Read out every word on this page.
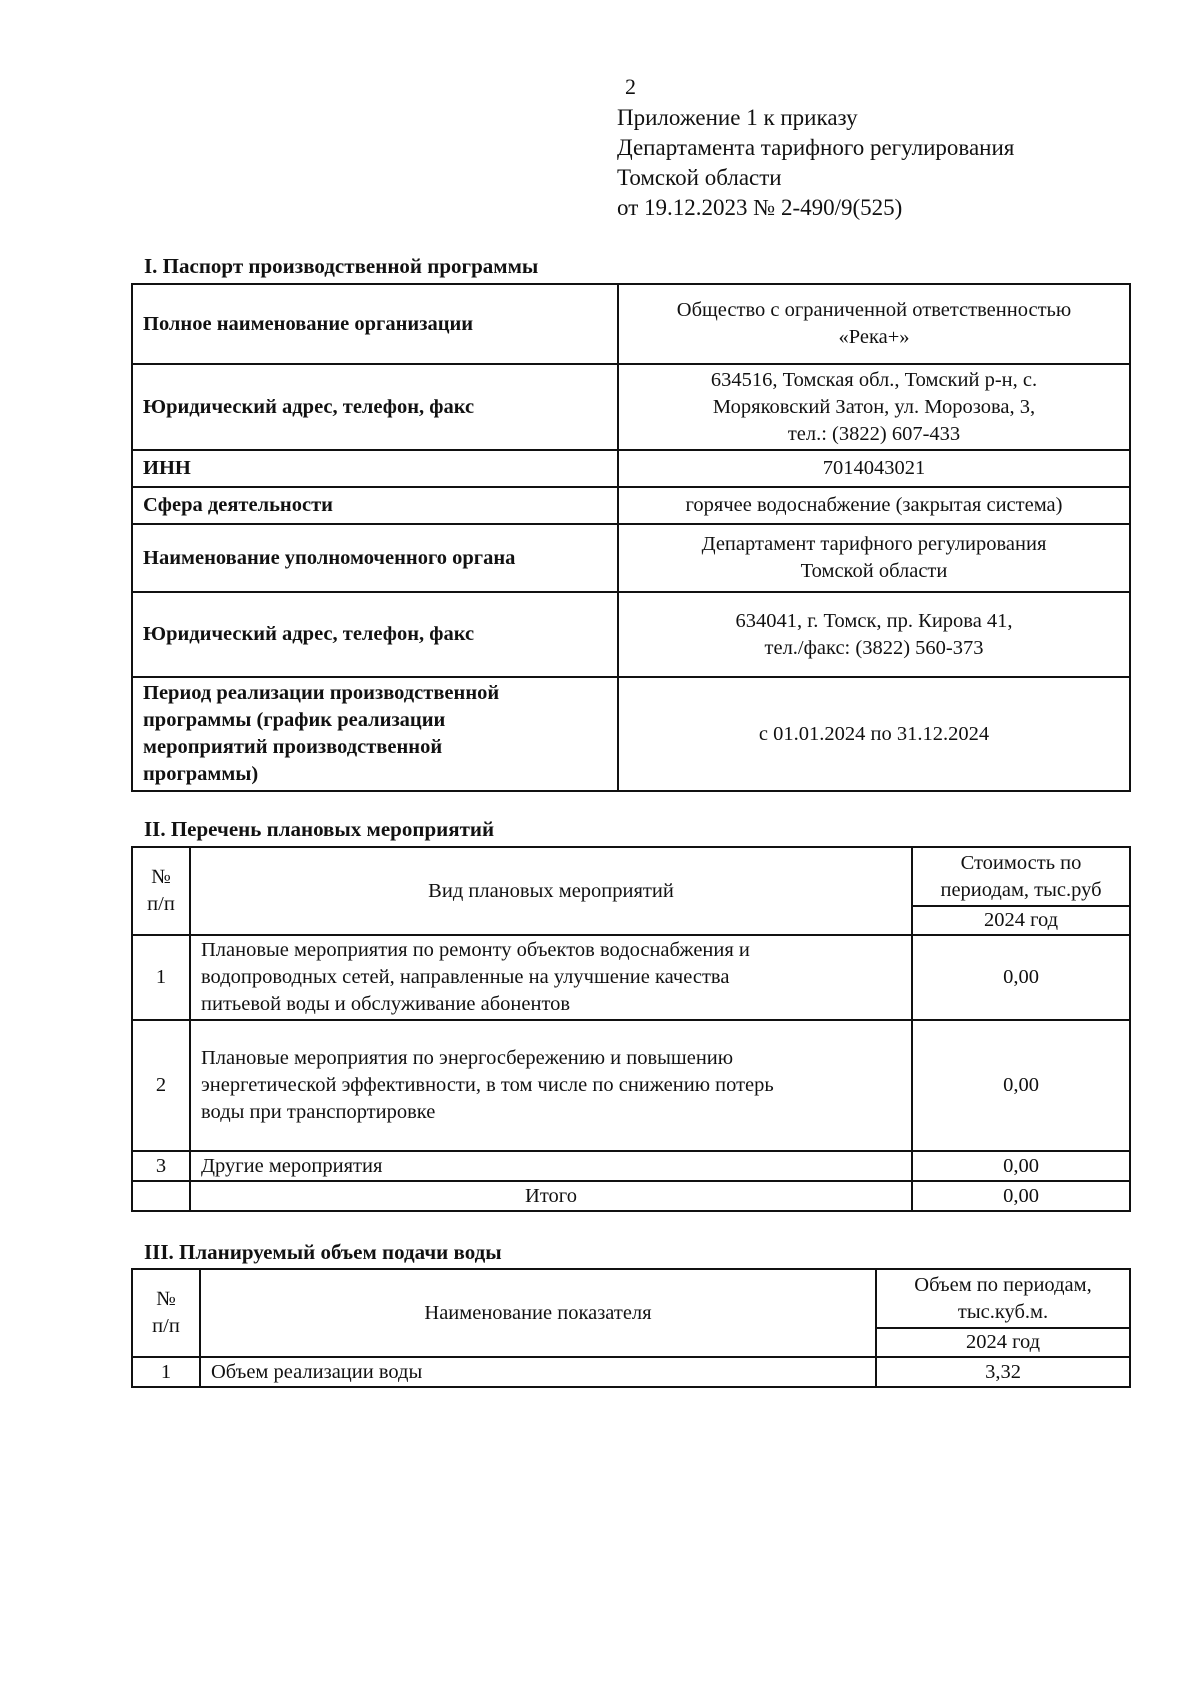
2
Приложение 1 к приказу
Департамента тарифного регулирования
Томской области
от 19.12.2023 № 2-490/9(525)
I. Паспорт производственной программы
Полное наименование организации	Общество с ограниченной ответственностью
«Река+»

Юридический адрес, телефон, факс	634516, Томская обл., Томский р-н, с.
Моряковский Затон, ул. Морозова, 3,
тел.: (3822) 607-433

ИНН	7014043021

Сфера деятельности	горячее водоснабжение (закрытая система)

Наименование уполномоченного органа	Департамент тарифного регулирования
Томской области

Юридический адрес, телефон, факс	634041, г. Томск, пр. Кирова 41,
тел./факс: (3822) 560-373

Период реализации производственной
программы (график реализации
мероприятий производственной
программы)	с 01.01.2024 по 31.12.2024
II. Перечень плановых мероприятий
№
п/п	Вид плановых мероприятий	Стоимость по
периодам, тыс.руб

		2024 год
1	Плановые мероприятия по ремонту объектов водоснабжения и
водопроводных сетей, направленные на улучшение качества
питьевой воды и обслуживание абонентов	0,00
2	Плановые мероприятия по энергосбережению и повышению
энергетической эффективности, в том числе по снижению потерь
воды при транспортировке	0,00
3	Другие мероприятия	0,00
	Итого	0,00
III. Планируемый объем подачи воды
№
п/п	Наименование показателя	Объем по периодам,
тыс.куб.м.

		2024 год
1	Объем реализации воды	3,32
